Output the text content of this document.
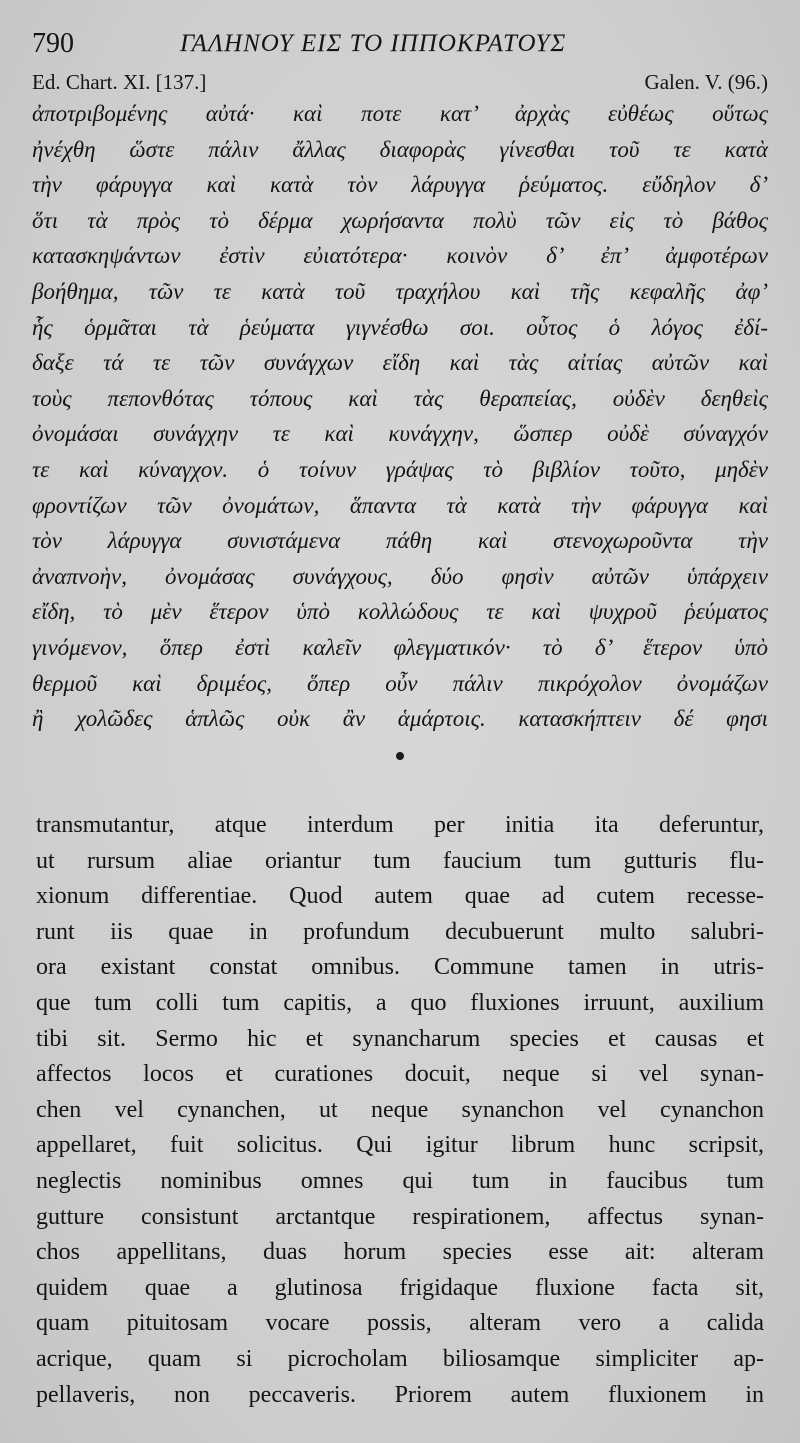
790	ΓΑΛΗΝΟΥ ΕΙΣ ΤΟ ΙΠΠΟΚΡΑΤΟΥΣ
Ed. Chart. XI. [137.]	Galen. V. (96.)
ἀποτριβομένης αὐτά· καὶ ποτε κατ’ ἀρχὰς εὐθέως οὕτως
ἠνέχθη ὥστε πάλιν ἄλλας διαφορὰς γίνεσθαι τοῦ τε κατὰ
τὴν φάρυγγα καὶ κατὰ τὸν λάρυγγα ῥεύματος. εὔδηλον δ’
ὅτι τὰ πρὸς τὸ δέρμα χωρήσαντα πολὺ τῶν εἰς τὸ βάθος
κατασκηψάντων ἐστὶν εὐιατότερα· κοινὸν δ’ ἐπ’ ἀμφοτέρων
βοήθημα, τῶν τε κατὰ τοῦ τραχήλου καὶ τῆς κεφαλῆς ἀφ’
ἧς ὁρμᾶται τὰ ῥεύματα γιγνέσθω σοι. οὗτος ὁ λόγος ἐδί-
δαξε τά τε τῶν συνάγχων εἴδη καὶ τὰς αἰτίας αὐτῶν καὶ
τοὺς πεπονθότας τόπους καὶ τὰς θεραπείας, οὐδὲν δεηθεὶς
ὀνομάσαι συνάγχην τε καὶ κυνάγχην, ὥσπερ οὐδὲ σύναγχόν
τε καὶ κύναγχον. ὁ τοίνυν γράψας τὸ βιβλίον τοῦτο, μηδὲν
φροντίζων τῶν ὀνομάτων, ἅπαντα τὰ κατὰ τὴν φάρυγγα καὶ
τὸν λάρυγγα συνιστάμενα πάθη καὶ στενοχωροῦντα τὴν
ἀναπνοὴν, ὀνομάσας συνάγχους, δύο φησὶν αὐτῶν ὑπάρχειν
εἴδη, τὸ μὲν ἕτερον ὑπὸ κολλώδους τε καὶ ψυχροῦ ῥεύματος
γινόμενον, ὅπερ ἐστὶ καλεῖν φλεγματικόν· τὸ δ’ ἕτερον ὑπὸ
θερμοῦ καὶ δριμέος, ὅπερ οὖν πάλιν πικρόχολον ὀνομάζων
ἢ χολῶδες ἁπλῶς οὐκ ἂν ἁμάρτοις. κατασκήπτειν δέ φησι
transmutantur, atque interdum per initia ita deferuntur,
ut rursum aliae oriantur tum faucium tum gutturis flu-
xionum differentiae. Quod autem quae ad cutem recesse-
runt iis quae in profundum decubuerunt multo salubri-
ora existant constat omnibus. Commune tamen in utris-
que tum colli tum capitis, a quo fluxiones irruunt, auxilium
tibi sit. Sermo hic et synancharum species et causas et
affectos locos et curationes docuit, neque si vel synan-
chen vel cynanchen, ut neque synanchon vel cynanchon
appellaret, fuit solicitus. Qui igitur librum hunc scripsit,
neglectis nominibus omnes qui tum in faucibus tum
gutture consistunt arctantque respirationem, affectus synan-
chos appellitans, duas horum species esse ait: alteram
quidem quae a glutinosa frigidaque fluxione facta sit,
quam pituitosam vocare possis, alteram vero a calida
acrique, quam si picrocholam biliosamque simpliciter ap-
pellaveris, non peccaveris. Priorem autem fluxionem in
